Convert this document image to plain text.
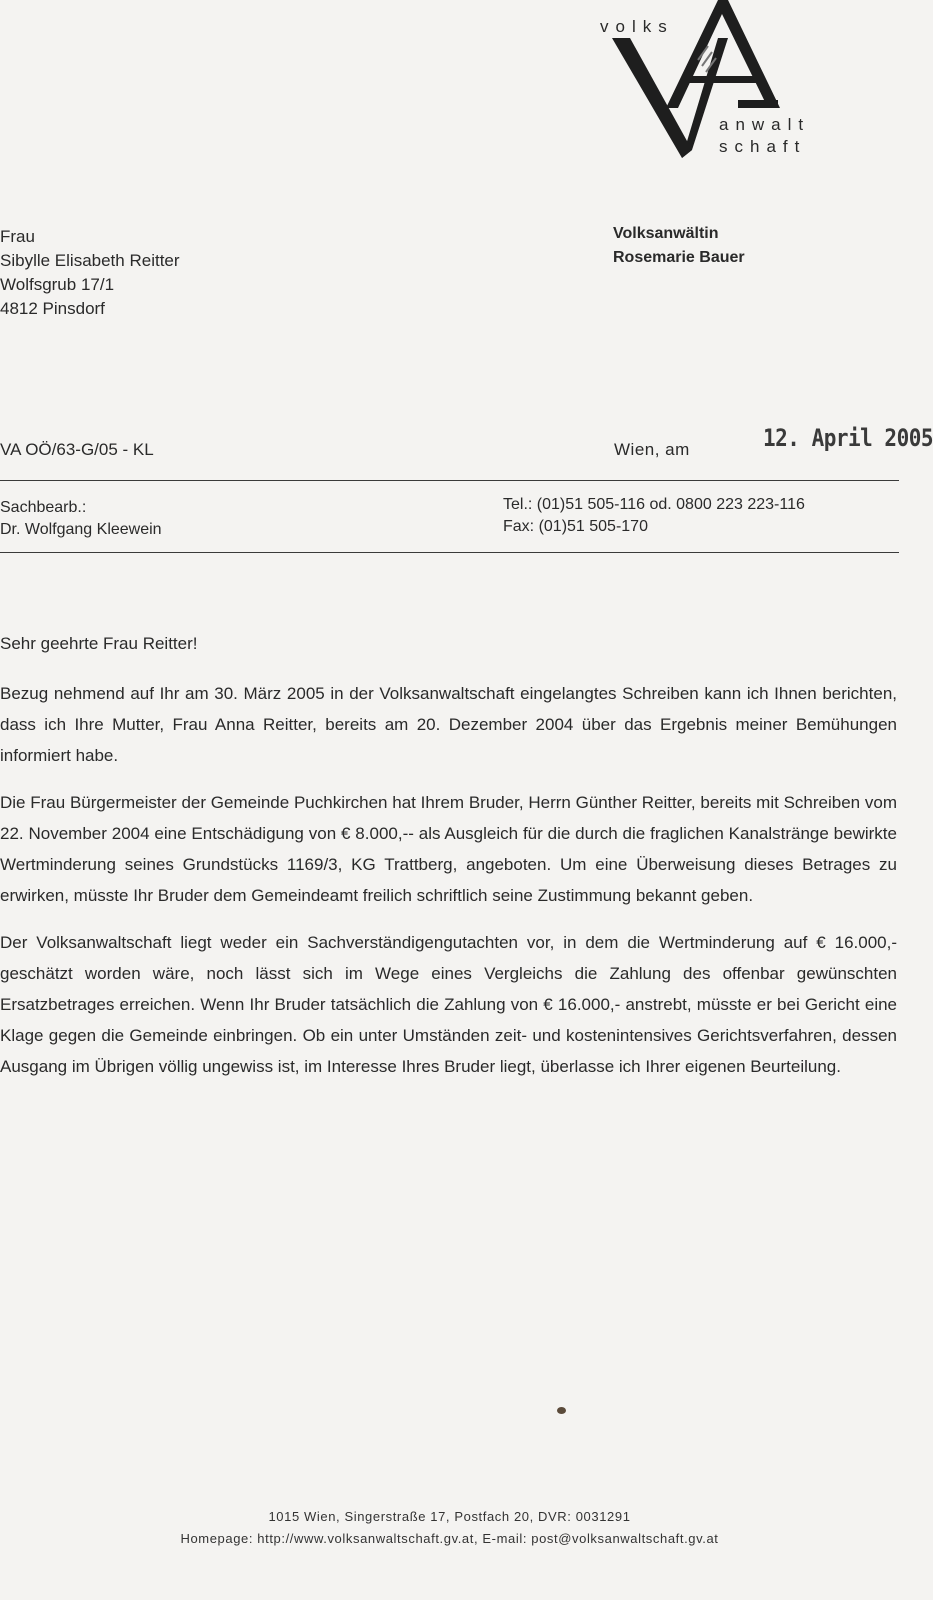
volks
anwalt
schaft
Frau
Sibylle Elisabeth Reitter
Wolfsgrub 17/1
4812 Pinsdorf
Volksanwältin
Rosemarie Bauer
VA OÖ/63-G/05 - KL	Wien, am	12. April 2005
Sachbearb.:
Dr. Wolfgang Kleewein
Tel.: (01)51 505-116 od. 0800 223 223-116
Fax: (01)51 505-170

Sehr geehrte Frau Reitter!

Bezug nehmend auf Ihr am 30. März 2005 in der Volksanwaltschaft eingelangtes Schreiben kann ich Ihnen berichten, dass ich Ihre Mutter, Frau Anna Reitter, bereits am 20. Dezember 2004 über das Ergebnis meiner Bemühungen informiert habe.

Die Frau Bürgermeister der Gemeinde Puchkirchen hat Ihrem Bruder, Herrn Günther Reitter, bereits mit Schreiben vom 22. November 2004 eine Entschädigung von € 8.000,-- als Ausgleich für die durch die fraglichen Kanalstränge bewirkte Wertminderung seines Grundstücks 1169/3, KG Trattberg, angeboten. Um eine Überweisung dieses Betrages zu erwirken, müsste Ihr Bruder dem Gemeindeamt freilich schriftlich seine Zustimmung bekannt geben.

Der Volksanwaltschaft liegt weder ein Sachverständigengutachten vor, in dem die Wertminderung auf € 16.000,- geschätzt worden wäre, noch lässt sich im Wege eines Vergleichs die Zahlung des offenbar gewünschten Ersatzbetrages erreichen. Wenn Ihr Bruder tatsächlich die Zahlung von € 16.000,- anstrebt, müsste er bei Gericht eine Klage gegen die Gemeinde einbringen. Ob ein unter Umständen zeit- und kostenintensives Gerichtsverfahren, dessen Ausgang im Übrigen völlig ungewiss ist, im Interesse Ihres Bruder liegt, überlasse ich Ihrer eigenen Beurteilung.

1015 Wien, Singerstraße 17, Postfach 20, DVR: 0031291
Homepage: http://www.volksanwaltschaft.gv.at, E-mail: post@volksanwaltschaft.gv.at
